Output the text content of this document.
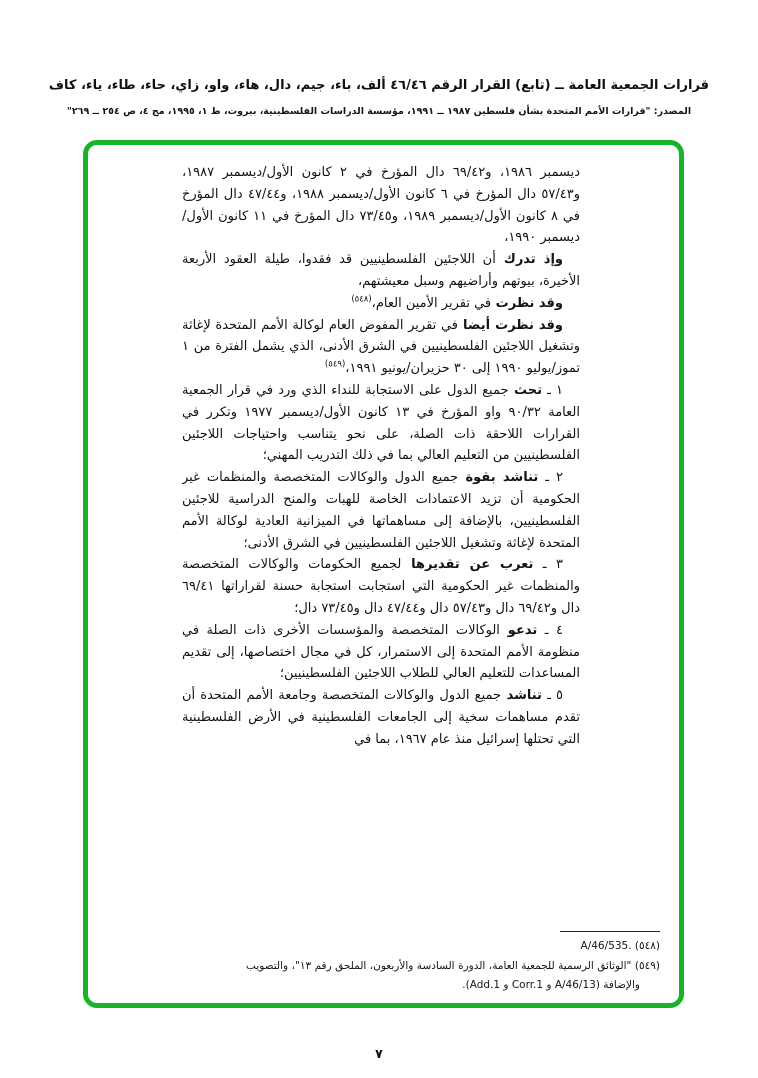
قرارات الجمعية العامة ــ (تابع) القرار الرقم ٤٦/٤٦ ألف، باء، جيم، دال، هاء، واو، زاي، حاء، طاء، ياء، كاف
المصدر: "قرارات الأمم المتحدة بشأن فلسطين ١٩٨٧ ــ ١٩٩١، مؤسسة الدراسات الفلسطينية، بيروت، ط ١، ١٩٩٥، مج ٤، ص ٢٥٤ ــ ٢٦٩"

ديسمبر ١٩٨٦، و٦٩/٤٢ دال المؤرخ في ٢ كانون الأول/ديسمبر ١٩٨٧، و٥٧/٤٣ دال المؤرخ في ٦ كانون الأول/ديسمبر ١٩٨٨، و٤٧/٤٤ دال المؤرخ في ٨ كانون الأول/ديسمبر ١٩٨٩، و٧٣/٤٥ دال المؤرخ في ١١ كانون الأول/ديسمبر ١٩٩٠،

وإذ تدرك أن اللاجئين الفلسطينيين قد فقدوا، طيلة العقود الأربعة الأخيرة، بيوتهم وأراضيهم وسبل معيشتهم،

وقد نظرت في تقرير الأمين العام،$^{(٥٤٨)}$

وقد نظرت أيضا في تقرير المفوض العام لوكالة الأمم المتحدة لإغاثة وتشغيل اللاجئين الفلسطينيين في الشرق الأدنى، الذي يشمل الفترة من ١ تموز/يوليو ١٩٩٠ إلى ٣٠ حزيران/يونيو ١٩٩١،$^{(٥٤٩)}$

١ ـ تحث جميع الدول على الاستجابة للنداء الذي ورد في قرار الجمعية العامة ٩٠/٣٢ واو المؤرخ في ١٣ كانون الأول/ديسمبر ١٩٧٧ وتكرر في القرارات اللاحقة ذات الصلة، على نحو يتناسب واحتياجات اللاجئين الفلسطينيين من التعليم العالي بما في ذلك التدريب المهني؛

٢ ـ تناشد بقوة جميع الدول والوكالات المتخصصة والمنظمات غير الحكومية أن تزيد الاعتمادات الخاصة للهبات والمنح الدراسية للاجئين الفلسطينيين، بالإضافة إلى مساهماتها في الميزانية العادية لوكالة الأمم المتحدة لإغاثة وتشغيل اللاجئين الفلسطينيين في الشرق الأدنى؛

٣ ـ تعرب عن تقديرها لجميع الحكومات والوكالات المتخصصة والمنظمات غير الحكومية التي استجابت استجابة حسنة لقراراتها ٦٩/٤١ دال و٦٩/٤٢ دال و٥٧/٤٣ دال و٤٧/٤٤ دال و٧٣/٤٥ دال؛

٤ ـ تدعو الوكالات المتخصصة والمؤسسات الأخرى ذات الصلة في منظومة الأمم المتحدة إلى الاستمرار، كل في مجال اختصاصها، إلى تقديم المساعدات للتعليم العالي للطلاب اللاجئين الفلسطينيين؛

٥ ـ تناشد جميع الدول والوكالات المتخصصة وجامعة الأمم المتحدة أن تقدم مساهمات سخية إلى الجامعات الفلسطينية في الأرض الفلسطينية التي تحتلها إسرائيل منذ عام ١٩٦٧، بما في

(٥٤٨) A/46/535.‎
(٥٤٩) "الوثائق الرسمية للجمعية العامة، الدورة السادسة والأربعون، الملحق رقم ١٣"، والتصويب والإضافة (A/46/13 و Corr.1 و Add.1).
٧
